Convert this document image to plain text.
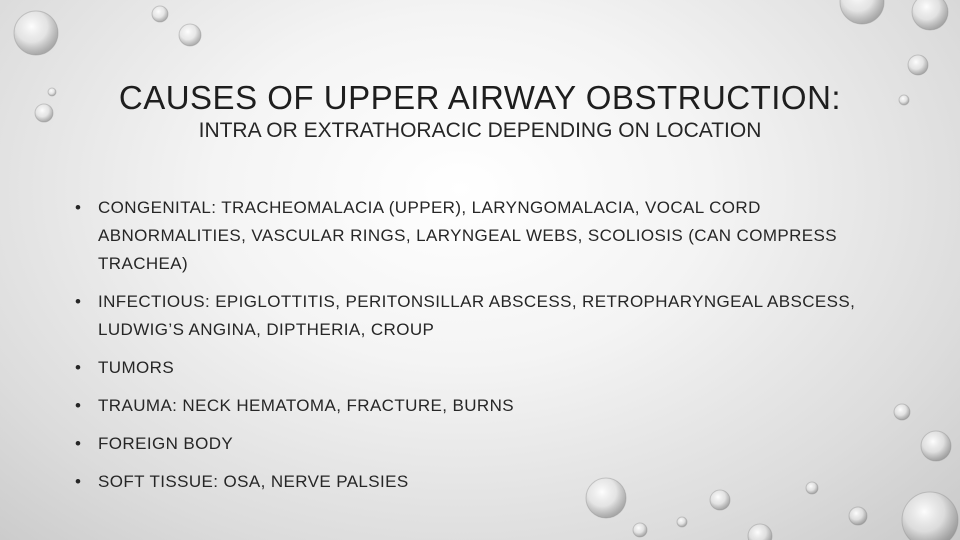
CAUSES OF UPPER AIRWAY OBSTRUCTION:
INTRA OR EXTRATHORACIC DEPENDING ON LOCATION
• CONGENITAL: TRACHEOMALACIA (UPPER), LARYNGOMALACIA, VOCAL CORD ABNORMALITIES, VASCULAR RINGS, LARYNGEAL WEBS, SCOLIOSIS (CAN COMPRESS TRACHEA)
• INFECTIOUS: EPIGLOTTITIS, PERITONSILLAR ABSCESS, RETROPHARYNGEAL ABSCESS, LUDWIG’S ANGINA, DIPTHERIA, CROUP
• TUMORS
• TRAUMA: NECK HEMATOMA, FRACTURE, BURNS
• FOREIGN BODY
• SOFT TISSUE: OSA, NERVE PALSIES
